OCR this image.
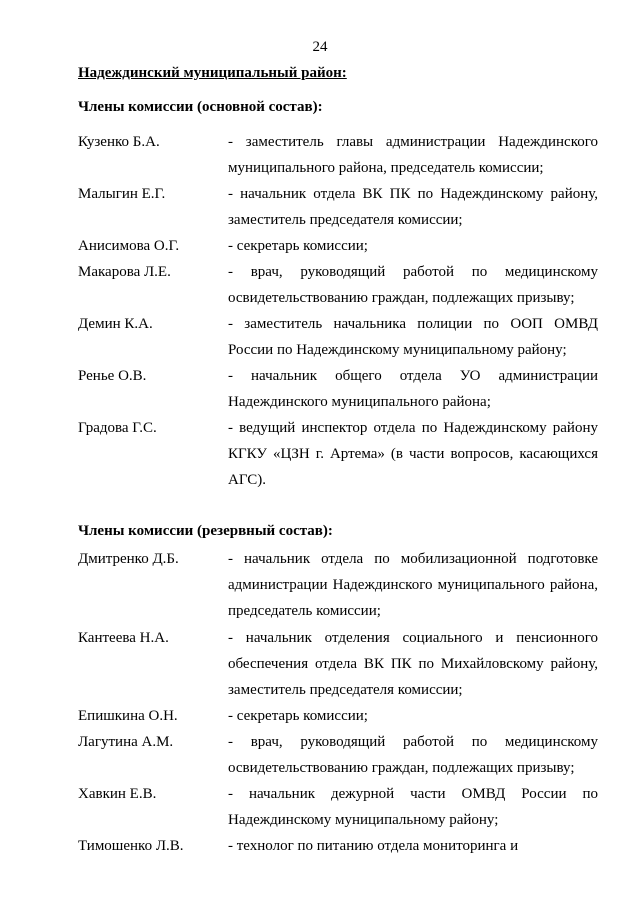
24
Надеждинский муниципальный район:
Члены комиссии (основной состав):
Кузенко Б.А.	- заместитель главы администрации Надеждинского муниципального района, председатель комиссии;
Малыгин Е.Г.	- начальник отдела ВК ПК по Надеждинскому району, заместитель председателя комиссии;
Анисимова О.Г.	- секретарь комиссии;
Макарова Л.Е.	- врач, руководящий работой по медицинскому освидетельствованию граждан, подлежащих призыву;
Демин К.А.	- заместитель начальника полиции по ООП ОМВД России по Надеждинскому муниципальному району;
Ренье О.В.	- начальник общего отдела УО администрации Надеждинского муниципального района;
Градова Г.С.	- ведущий инспектор отдела по Надеждинскому району КГКУ «ЦЗН г. Артема» (в части вопросов, касающихся АГС).
Члены комиссии (резервный состав):
Дмитренко Д.Б.	- начальник отдела по мобилизационной подготовке администрации Надеждинского муниципального района, председатель комиссии;
Кантеева Н.А.	- начальник отделения социального и пенсионного обеспечения отдела ВК ПК по Михайловскому району, заместитель председателя комиссии;
Епишкина О.Н.	- секретарь комиссии;
Лагутина А.М.	- врач, руководящий работой по медицинскому освидетельствованию граждан, подлежащих призыву;
Хавкин Е.В.	- начальник дежурной части ОМВД России по Надеждинскому муниципальному району;
Тимошенко Л.В.	- технолог по питанию отдела мониторинга и
